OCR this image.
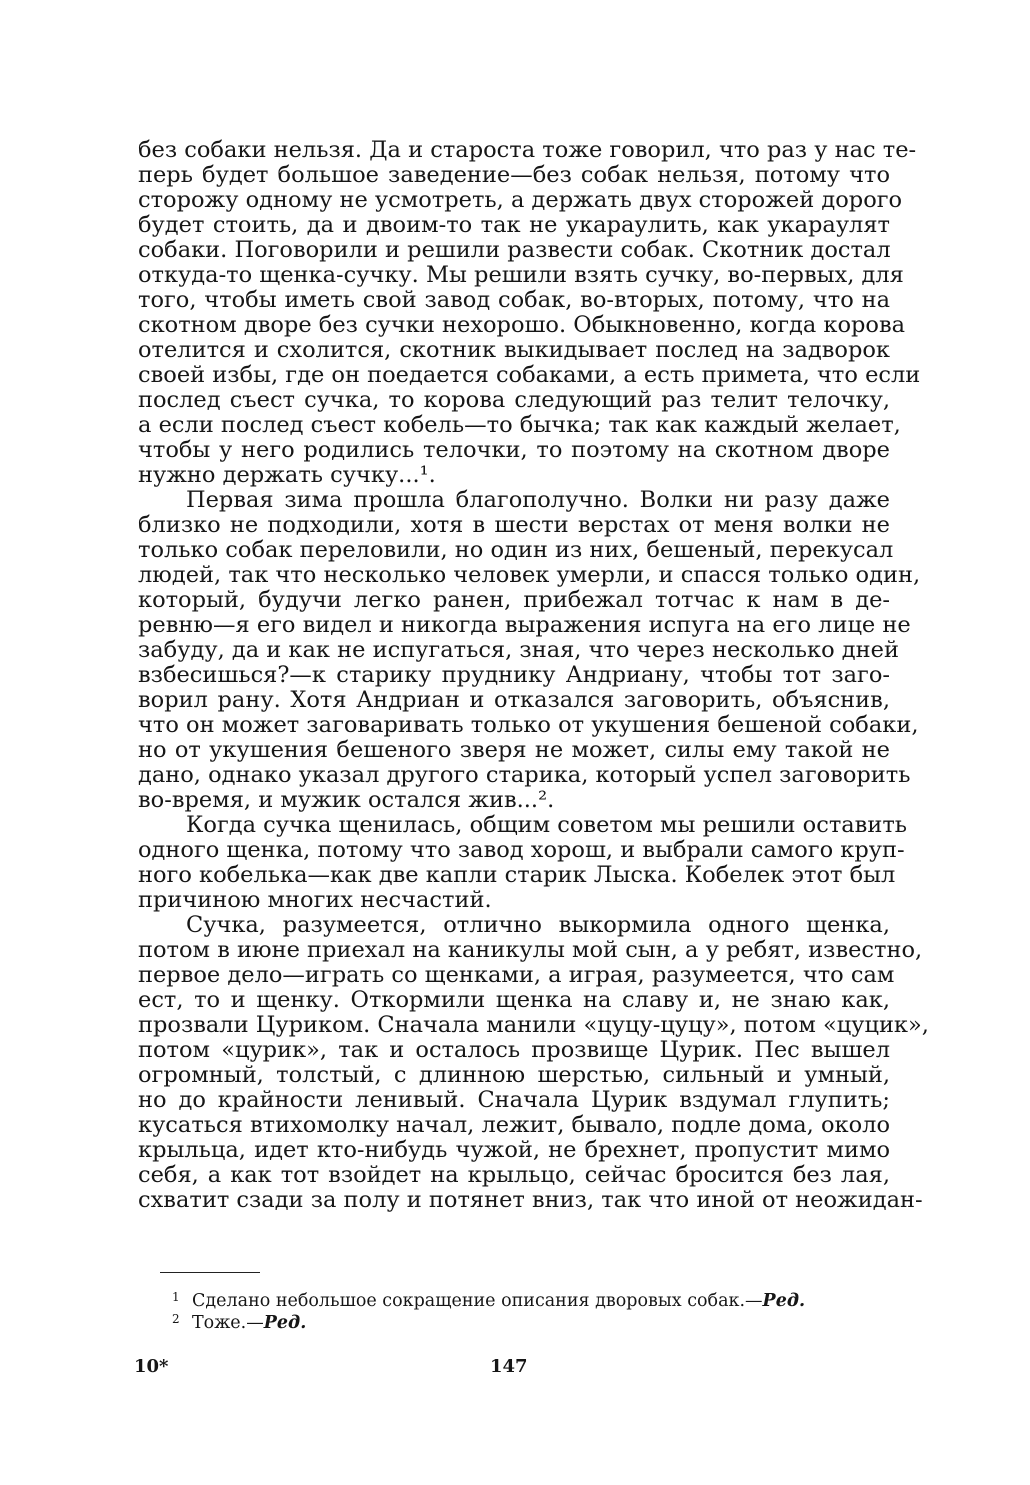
без собаки нельзя. Да и староста тоже говорил, что раз у нас те-
перь будет большое заведение—без собак нельзя, потому что
сторожу одному не усмотреть, а держать двух сторожей дорого
будет стоить, да и двоим-то так не укараулить, как укараулят
собаки. Поговорили и решили развести собак. Скотник достал
откуда-то щенка-сучку. Мы решили взять сучку, во-первых, для
того, чтобы иметь свой завод собак, во-вторых, потому, что на
скотном дворе без сучки нехорошо. Обыкновенно, когда корова
отелится и схолится, скотник выкидывает послед на задворок
своей избы, где он поедается собаками, а есть примета, что если
послед съест сучка, то корова следующий раз телит телочку,
а если послед съест кобель—то бычка; так как каждый желает,
чтобы у него родились телочки, то поэтому на скотном дворе
нужно держать сучку...¹.
Первая зима прошла благополучно. Волки ни разу даже
близко не подходили, хотя в шести верстах от меня волки не
только собак переловили, но один из них, бешеный, перекусал
людей, так что несколько человек умерли, и спасся только один,
который, будучи легко ранен, прибежал тотчас к нам в де-
ревню—я его видел и никогда выражения испуга на его лице не
забуду, да и как не испугаться, зная, что через несколько дней
взбесишься?—к старику пруднику Андриану, чтобы тот заго-
ворил рану. Хотя Андриан и отказался заговорить, объяснив,
что он может заговаривать только от укушения бешеной собаки,
но от укушения бешеного зверя не может, силы ему такой не
дано, однако указал другого старика, который успел заговорить
во-время, и мужик остался жив...².
Когда сучка щенилась, общим советом мы решили оставить
одного щенка, потому что завод хорош, и выбрали самого круп-
ного кобелька—как две капли старик Лыска. Кобелек этот был
причиною многих несчастий.
Сучка, разумеется, отлично выкормила одного щенка,
потом в июне приехал на каникулы мой сын, а у ребят, известно,
первое дело—играть со щенками, а играя, разумеется, что сам
ест, то и щенку. Откормили щенка на славу и, не знаю как,
прозвали Цуриком. Сначала манили «цуцу-цуцу», потом «цуцик»,
потом «цурик», так и осталось прозвище Цурик. Пес вышел
огромный, толстый, с длинною шерстью, сильный и умный,
но до крайности ленивый. Сначала Цурик вздумал глупить;
кусаться втихомолку начал, лежит, бывало, подле дома, около
крыльца, идет кто-нибудь чужой, не брехнет, пропустит мимо
себя, а как тот взойдет на крыльцо, сейчас бросится без лая,
схватит сзади за полу и потянет вниз, так что иной от неожидан-
1 Сделано небольшое сокращение описания дворовых собак.—Ред.
2 Тоже.—Ред.
10*	147
